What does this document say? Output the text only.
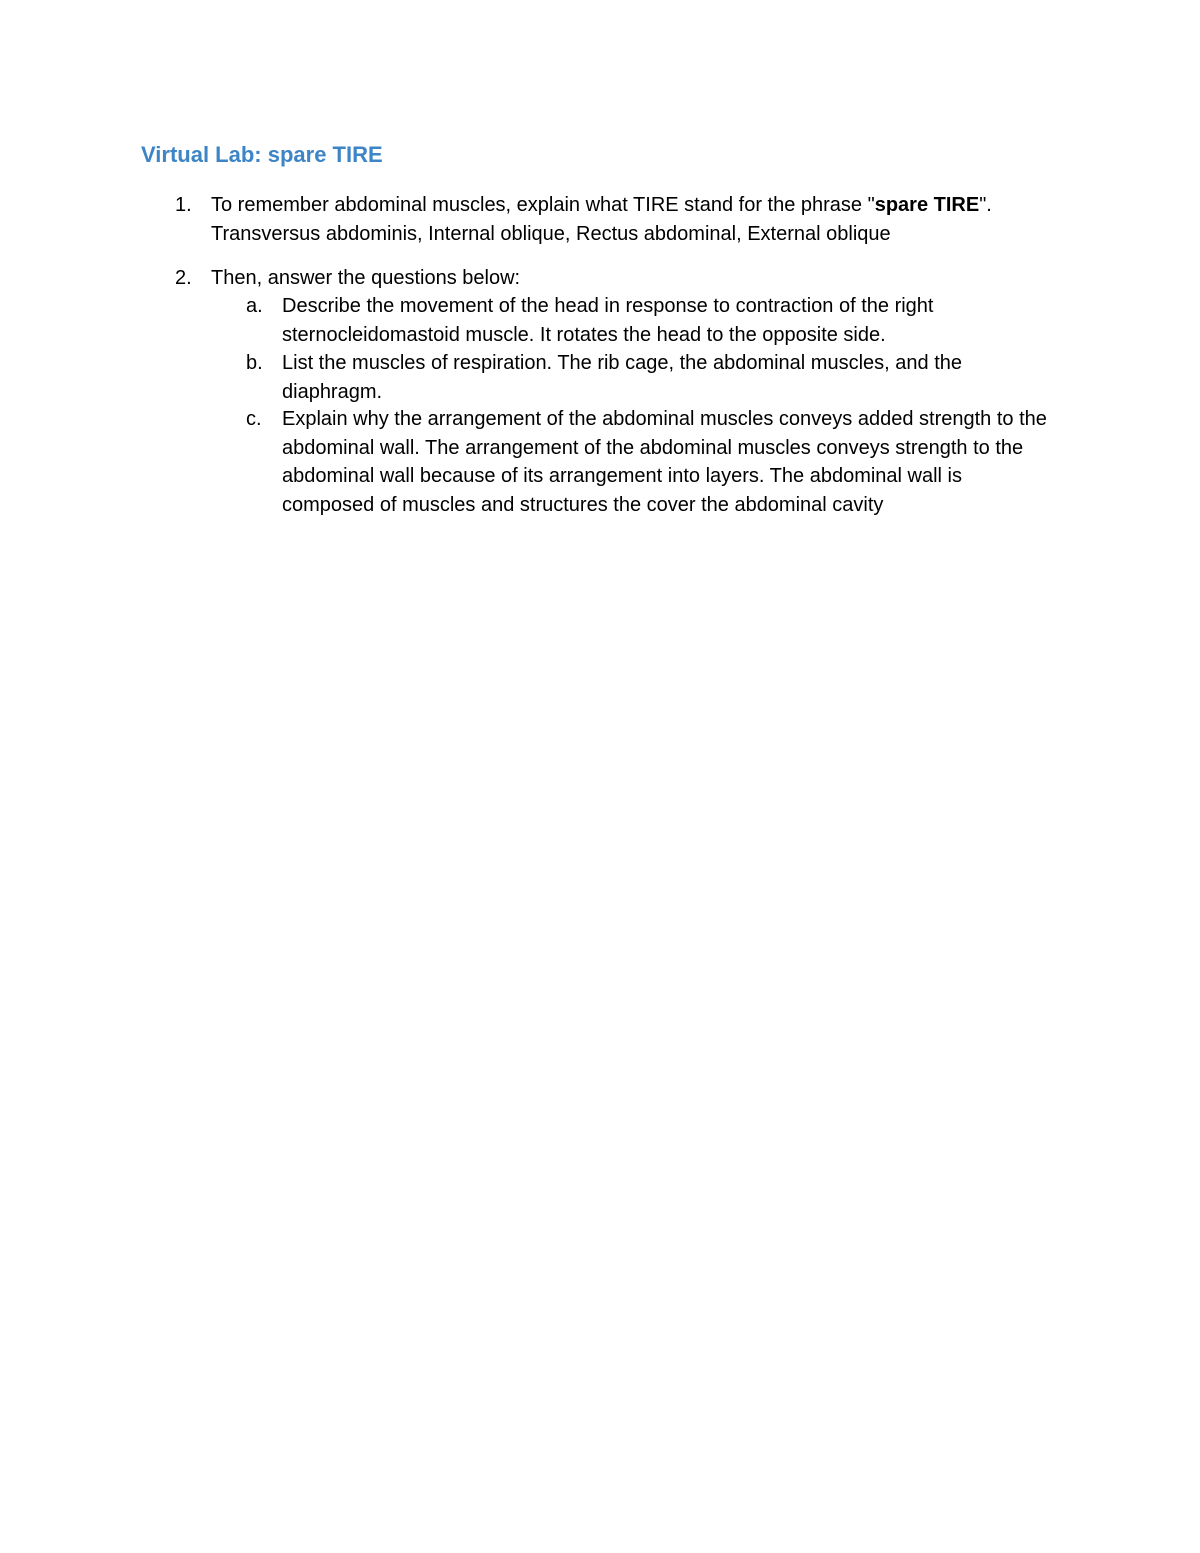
Virtual Lab: spare TIRE
1. To remember abdominal muscles, explain what TIRE stand for the phrase "spare TIRE".
Transversus abdominis, Internal oblique, Rectus abdominal, External oblique
2. Then, answer the questions below:
a. Describe the movement of the head in response to contraction of the right sternocleidomastoid muscle. It rotates the head to the opposite side.
b. List the muscles of respiration. The rib cage, the abdominal muscles, and the diaphragm.
c.	Explain why the arrangement of the abdominal muscles conveys added strength to the abdominal wall. The arrangement of the abdominal muscles conveys strength to the abdominal wall because of its arrangement into layers. The abdominal wall is composed of muscles and structures the cover the abdominal cavity
